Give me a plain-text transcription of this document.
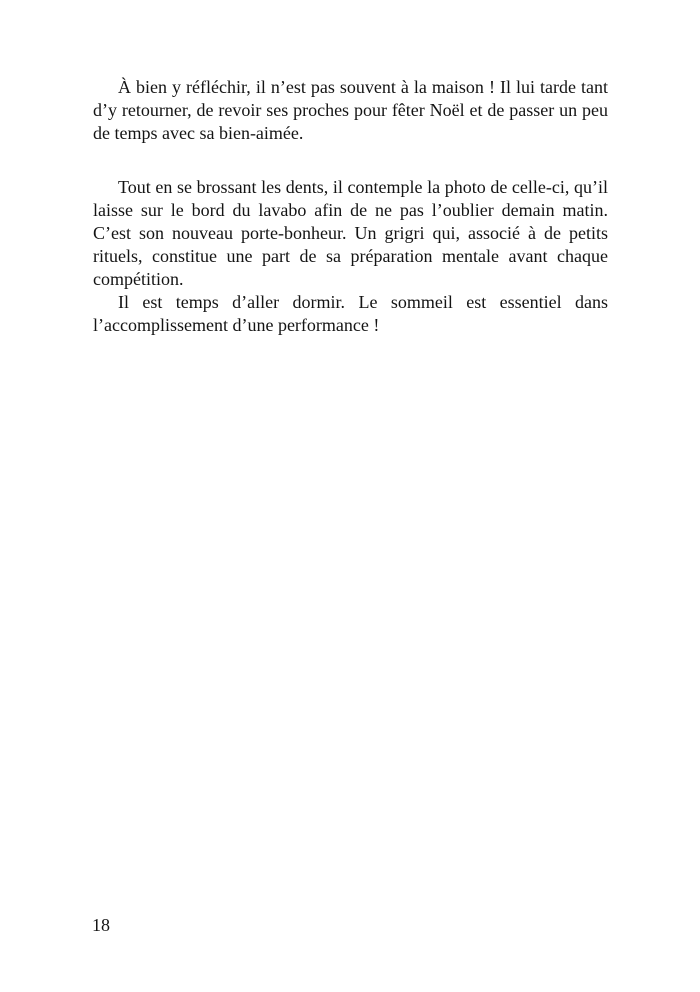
À bien y réfléchir, il n’est pas souvent à la maison ! Il lui tarde tant
d’y retourner, de revoir ses proches pour fêter Noël et de passer un peu
de temps avec sa bien-aimée.
Tout en se brossant les dents, il contemple la photo de celle-ci, qu’il
laisse sur le bord du lavabo afin de ne pas l’oublier demain matin.
C’est son nouveau porte-bonheur. Un grigri qui, associé à de petits
rituels, constitue une part de sa préparation mentale avant chaque
compétition.
Il est temps d’aller dormir. Le sommeil est essentiel dans
l’accomplissement d’une performance !
18
